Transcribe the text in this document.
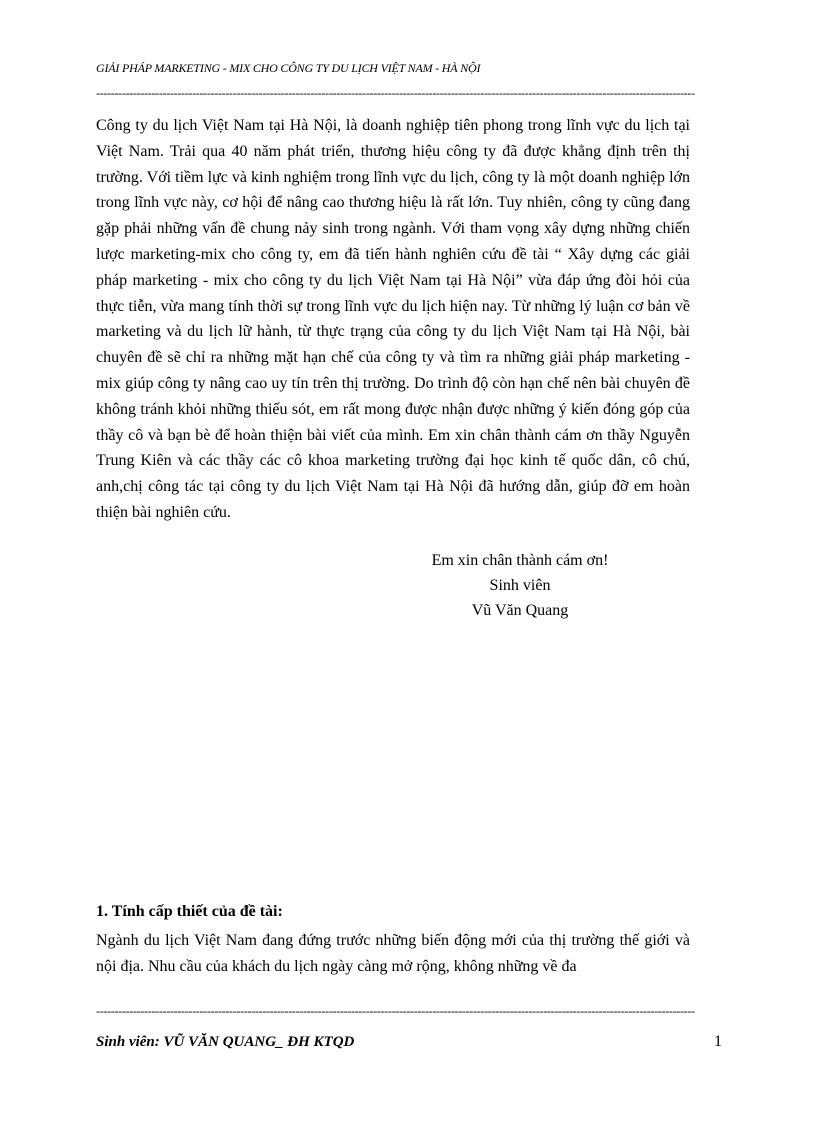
GIẢI PHÁP MARKETING - MIX CHO CÔNG TY DU LỊCH VIỆT NAM - HÀ NỘI
------------------------------------------------------------------------------------------------------------------------------------------------------------------

Công ty du lịch Việt Nam tại Hà Nội, là doanh nghiệp tiên phong trong lĩnh vực du lịch tại Việt Nam. Trải qua 40 năm phát triển, thương hiệu công ty đã được khẳng định trên thị trường. Với tiềm lực và kinh nghiệm trong lĩnh vực du lịch, công ty là một doanh nghiệp lớn trong lĩnh vực này, cơ hội để nâng cao thương hiệu là rất lớn. Tuy nhiên, công ty cũng đang gặp phải những vấn đề chung nảy sinh trong ngành. Với tham vọng xây dựng những chiến lược marketing-mix cho công ty, em đã tiến hành nghiên cứu đề tài “ Xây dựng các giải pháp marketing - mix cho công ty du lịch Việt Nam tại Hà Nội” vừa đáp ứng đòi hỏi của thực tiễn, vừa mang tính thời sự trong lĩnh vực du lịch hiện nay. Từ những lý luận cơ bản về marketing và du lịch lữ hành, từ thực trạng của công ty du lịch Việt Nam tại Hà Nội, bài chuyên đề sẽ chỉ ra những mặt hạn chế của công ty và tìm ra những giải pháp marketing - mix giúp công ty nâng cao uy tín trên thị trường. Do trình độ còn hạn chế nên bài chuyên đề không tránh khỏi những thiếu sót, em rất mong được nhận được những ý kiến đóng góp của thầy cô và bạn bè để hoàn thiện bài viết của mình. Em xin chân thành cám ơn thầy Nguyễn Trung Kiên và các thầy các cô khoa marketing trường đại học kinh tế quốc dân, cô chú, anh,chị công tác tại công ty du lịch Việt Nam tại Hà Nội đã hướng dẫn, giúp đỡ em hoàn thiện bài nghiên cứu.

Em xin chân thành cám ơn!
Sinh viên
Vũ Văn Quang
1. Tính cấp thiết của đề tài:

Ngành du lịch Việt Nam đang đứng trước những biến động mới của thị trường thế giới và nội địa. Nhu cầu của khách du lịch ngày càng mở rộng, không những về đa

------------------------------------------------------------------------------------------------------------------------------------------------------------------
Sinh viên: VŨ VĂN QUANG_ ĐH KTQD	1
